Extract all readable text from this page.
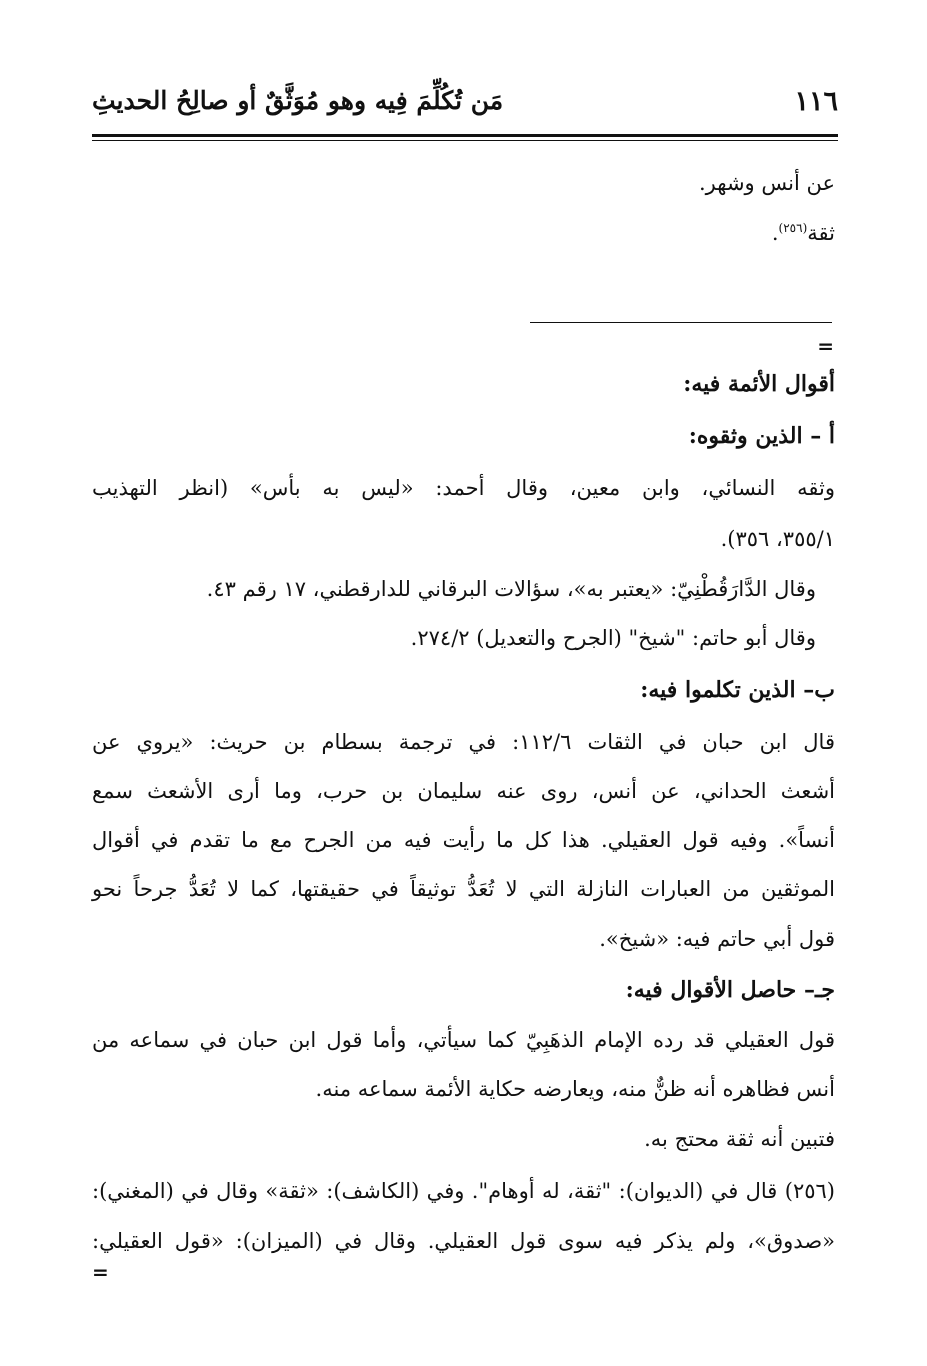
١١٦
مَن تُكُلِّمَ فِيه وهو مُوَثَّقٌ أو صالِحُ الحديثِ
عن أنس وشهر.
ثقة$^{(٢٥٦)}$.
=
أقوال الأئمة فيه:
أ – الذين وثقوه:
وثقه النسائي، وابن معين، وقال أحمد: «ليس به بأس» (انظر التهذيب
٣٥٥/١، ٣٥٦).
وقال الدَّارَقُطْنِيّ: «يعتبر به»، سؤالات البرقاني للدارقطني، ١٧ رقم ٤٣.
وقال أبو حاتم: "شيخ" (الجرح والتعديل) ٢٧٤/٢.
ب– الذين تكلموا فيه:
قال ابن حبان في الثقات ١١٢/٦: في ترجمة بسطام بن حريث: «يروي عن
أشعث الحداني، عن أنس، روى عنه سليمان بن حرب، وما أرى الأشعث سمع
أنساً». وفيه قول العقيلي. هذا كل ما رأيت فيه من الجرح مع ما تقدم في أقوال
الموثقين من العبارات النازلة التي لا تُعَدُّ توثيقاً في حقيقتها، كما لا تُعَدُّ جرحاً نحو
قول أبي حاتم فيه: «شيخ».
جـ– حاصل الأقوال فيه:
قول العقيلي قد رده الإمام الذهَبِيّ كما سيأتي، وأما قول ابن حبان في سماعه من
أنس فظاهره أنه ظنٌّ منه، ويعارضه حكاية الأئمة سماعه منه.
فتبين أنه ثقة محتج به.
(٢٥٦) قال في (الديوان): "ثقة، له أوهام". وفي (الكاشف): «ثقة» وقال في (المغني):
«صدوق»، ولم يذكر فيه سوى قول العقيلي. وقال في (الميزان): «قول العقيلي:
=
